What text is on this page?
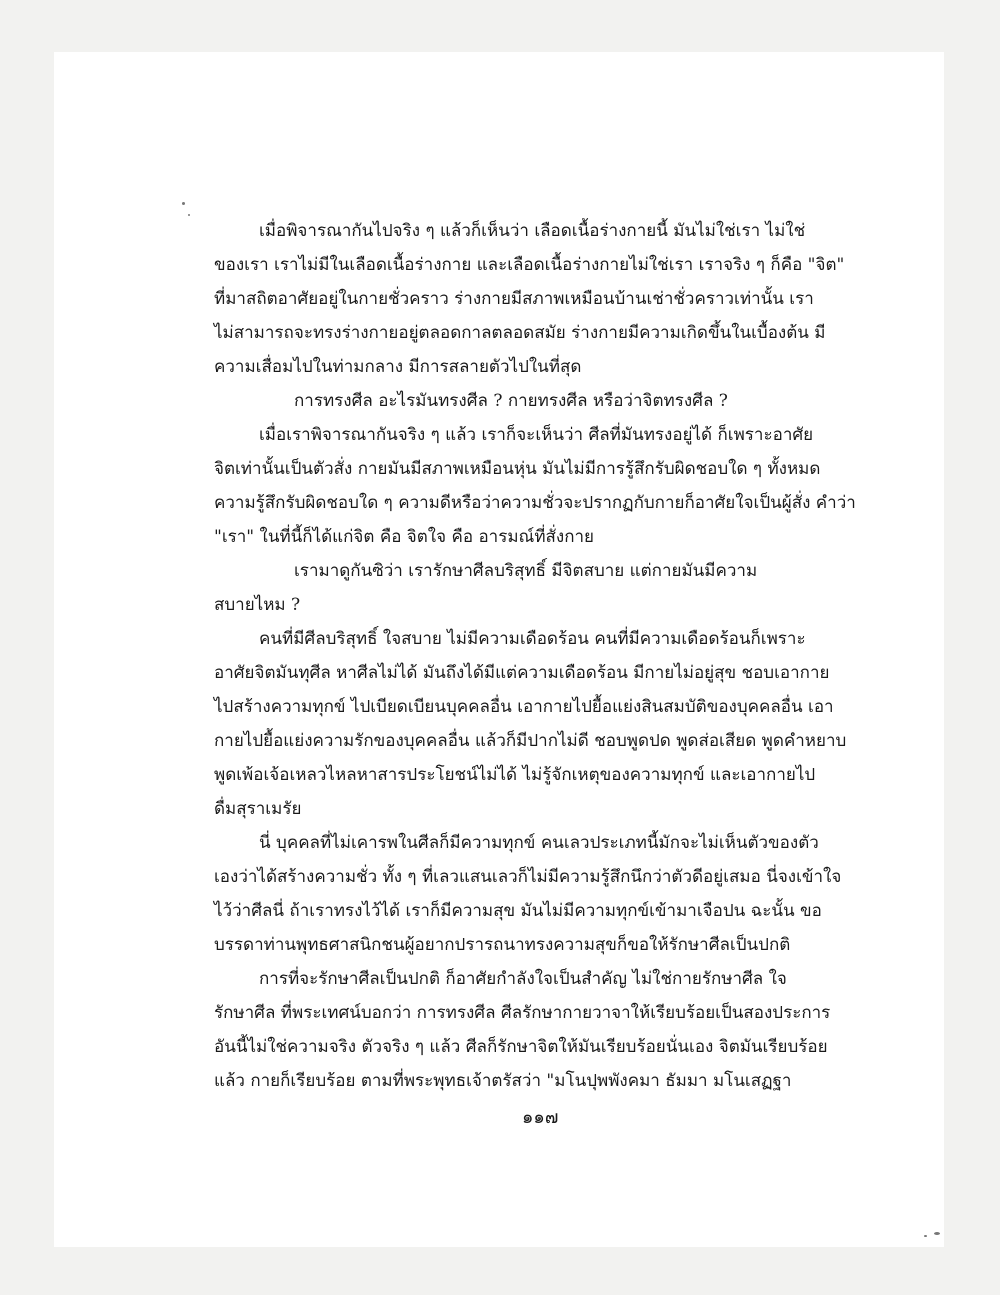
เมื่อพิจารณากันไปจริง ๆ แล้วก็เห็นว่า เลือดเนื้อร่างกายนี้ มันไม่ใช่เรา ไม่ใช่
ของเรา เราไม่มีในเลือดเนื้อร่างกาย และเลือดเนื้อร่างกายไม่ใช่เรา เราจริง ๆ ก็คือ "จิต"
ที่มาสถิตอาศัยอยู่ในกายชั่วคราว ร่างกายมีสภาพเหมือนบ้านเช่าชั่วคราวเท่านั้น เรา
ไม่สามารถจะทรงร่างกายอยู่ตลอดกาลตลอดสมัย ร่างกายมีความเกิดขึ้นในเบื้องต้น มี
ความเสื่อมไปในท่ามกลาง มีการสลายตัวไปในที่สุด
การทรงศีล อะไรมันทรงศีล ? กายทรงศีล หรือว่าจิตทรงศีล ?
เมื่อเราพิจารณากันจริง ๆ แล้ว เราก็จะเห็นว่า ศีลที่มันทรงอยู่ได้ ก็เพราะอาศัย
จิตเท่านั้นเป็นตัวสั่ง กายมันมีสภาพเหมือนหุ่น มันไม่มีการรู้สึกรับผิดชอบใด ๆ ทั้งหมด
ความรู้สึกรับผิดชอบใด ๆ ความดีหรือว่าความชั่วจะปรากฏกับกายก็อาศัยใจเป็นผู้สั่ง คำว่า
"เรา" ในที่นี้ก็ได้แก่จิต คือ จิตใจ คือ อารมณ์ที่สั่งกาย
เรามาดูกันซิว่า เรารักษาศีลบริสุทธิ์ มีจิตสบาย แต่กายมันมีความ
สบายไหม ?
คนที่มีศีลบริสุทธิ์ ใจสบาย ไม่มีความเดือดร้อน คนที่มีความเดือดร้อนก็เพราะ
อาศัยจิตมันทุศีล หาศีลไม่ได้ มันถึงได้มีแต่ความเดือดร้อน มีกายไม่อยู่สุข ชอบเอากาย
ไปสร้างความทุกข์ ไปเบียดเบียนบุคคลอื่น เอากายไปยื้อแย่งสินสมบัติของบุคคลอื่น เอา
กายไปยื้อแย่งความรักของบุคคลอื่น แล้วก็มีปากไม่ดี ชอบพูดปด พูดส่อเสียด พูดคำหยาบ
พูดเพ้อเจ้อเหลวไหลหาสารประโยชน์ไม่ได้ ไม่รู้จักเหตุของความทุกข์ และเอากายไป
ดื่มสุราเมรัย
นี่ บุคคลที่ไม่เคารพในศีลก็มีความทุกข์ คนเลวประเภทนี้มักจะไม่เห็นตัวของตัว
เองว่าได้สร้างความชั่ว ทั้ง ๆ ที่เลวแสนเลวก็ไม่มีความรู้สึกนึกว่าตัวดีอยู่เสมอ นี่จงเข้าใจ
ไว้ว่าศีลนี่ ถ้าเราทรงไว้ได้ เราก็มีความสุข มันไม่มีความทุกข์เข้ามาเจือปน ฉะนั้น ขอ
บรรดาท่านพุทธศาสนิกชนผู้อยากปรารถนาทรงความสุขก็ขอให้รักษาศีลเป็นปกติ
การที่จะรักษาศีลเป็นปกติ ก็อาศัยกำลังใจเป็นสำคัญ ไม่ใช่กายรักษาศีล ใจ
รักษาศีล ที่พระเทศน์บอกว่า การทรงศีล ศีลรักษากายวาจาให้เรียบร้อยเป็นสองประการ
อันนี้ไม่ใช่ความจริง ตัวจริง ๆ แล้ว ศีลก็รักษาจิตให้มันเรียบร้อยนั่นเอง จิตมันเรียบร้อย
แล้ว กายก็เรียบร้อย ตามที่พระพุทธเจ้าตรัสว่า "มโนปุพพังคมา ธัมมา มโนเสฏฐา
๑๑๗
